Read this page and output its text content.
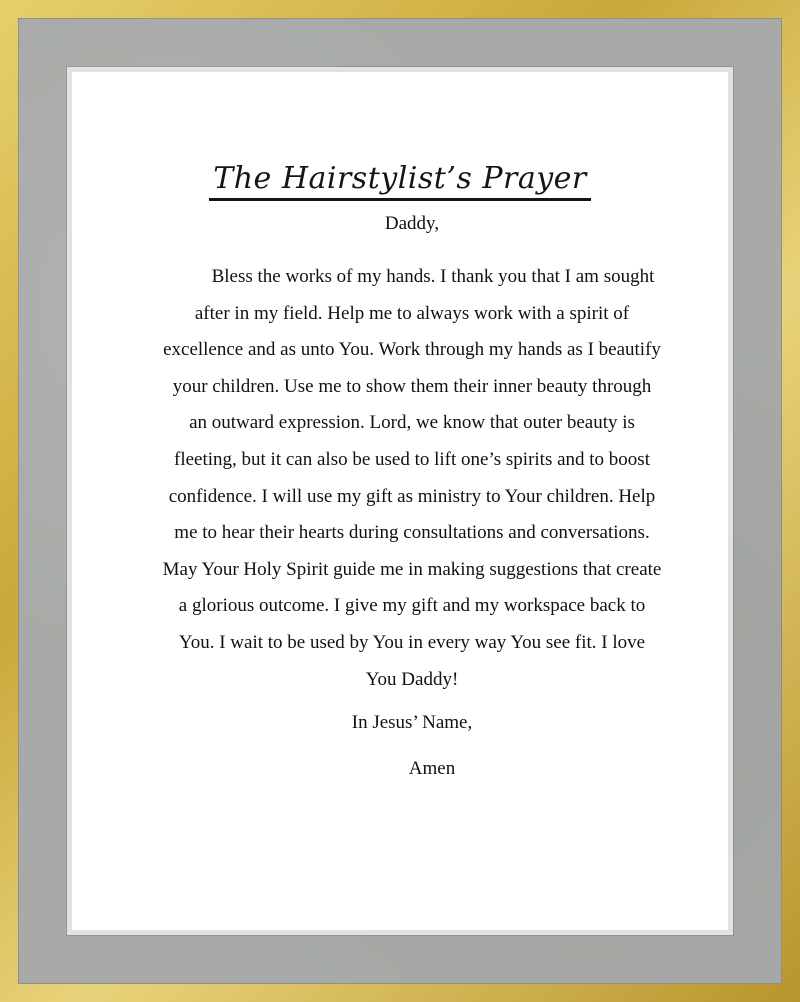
The Hairstylist’s Prayer

Daddy,

Bless the works of my hands. I thank you that I am sought after in my field. Help me to always work with a spirit of excellence and as unto You. Work through my hands as I beautify your children. Use me to show them their inner beauty through an outward expression. Lord, we know that outer beauty is fleeting, but it can also be used to lift one’s spirits and to boost confidence. I will use my gift as ministry to Your children. Help me to hear their hearts during consultations and conversations. May Your Holy Spirit guide me in making suggestions that create a glorious outcome. I give my gift and my workspace back to You. I wait to be used by You in every way You see fit. I love You Daddy!

In Jesus’ Name,

Amen
